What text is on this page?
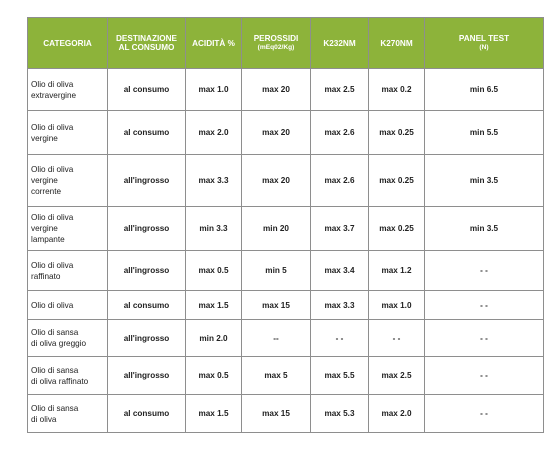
CATEGORIA	DESTINAZIONE AL CONSUMO	ACIDITÀ %	PEROSSIDI
(mEq02/Kg)	K232NM	K270NM	PANEL TEST
(N)

Olio di oliva
extravergine	al consumo	max 1.0	max 20	max 2.5	max 0.2	min 6.5

Olio di oliva
vergine	al consumo	max 2.0	max 20	max 2.6	max 0.25	min 5.5

Olio di oliva
vergine
corrente	all'ingrosso	max 3.3	max 20	max 2.6	max 0.25	min 3.5

Olio di oliva
vergine
lampante	all'ingrosso	min 3.3	min 20	max 3.7	max 0.25	min 3.5

Olio di oliva
raffinato	all'ingrosso	max 0.5	min 5	max 3.4	max 1.2	- -

Olio di oliva	al consumo	max 1.5	max 15	max 3.3	max 1.0	- -

Olio di sansa
di oliva greggio	all'ingrosso	min 2.0	--	- -	- -	- -

Olio di sansa
di oliva raffinato	all'ingrosso	max 0.5	max 5	max 5.5	max 2.5	- -

Olio di sansa
di oliva	al consumo	max 1.5	max 15	max 5.3	max 2.0	- -
